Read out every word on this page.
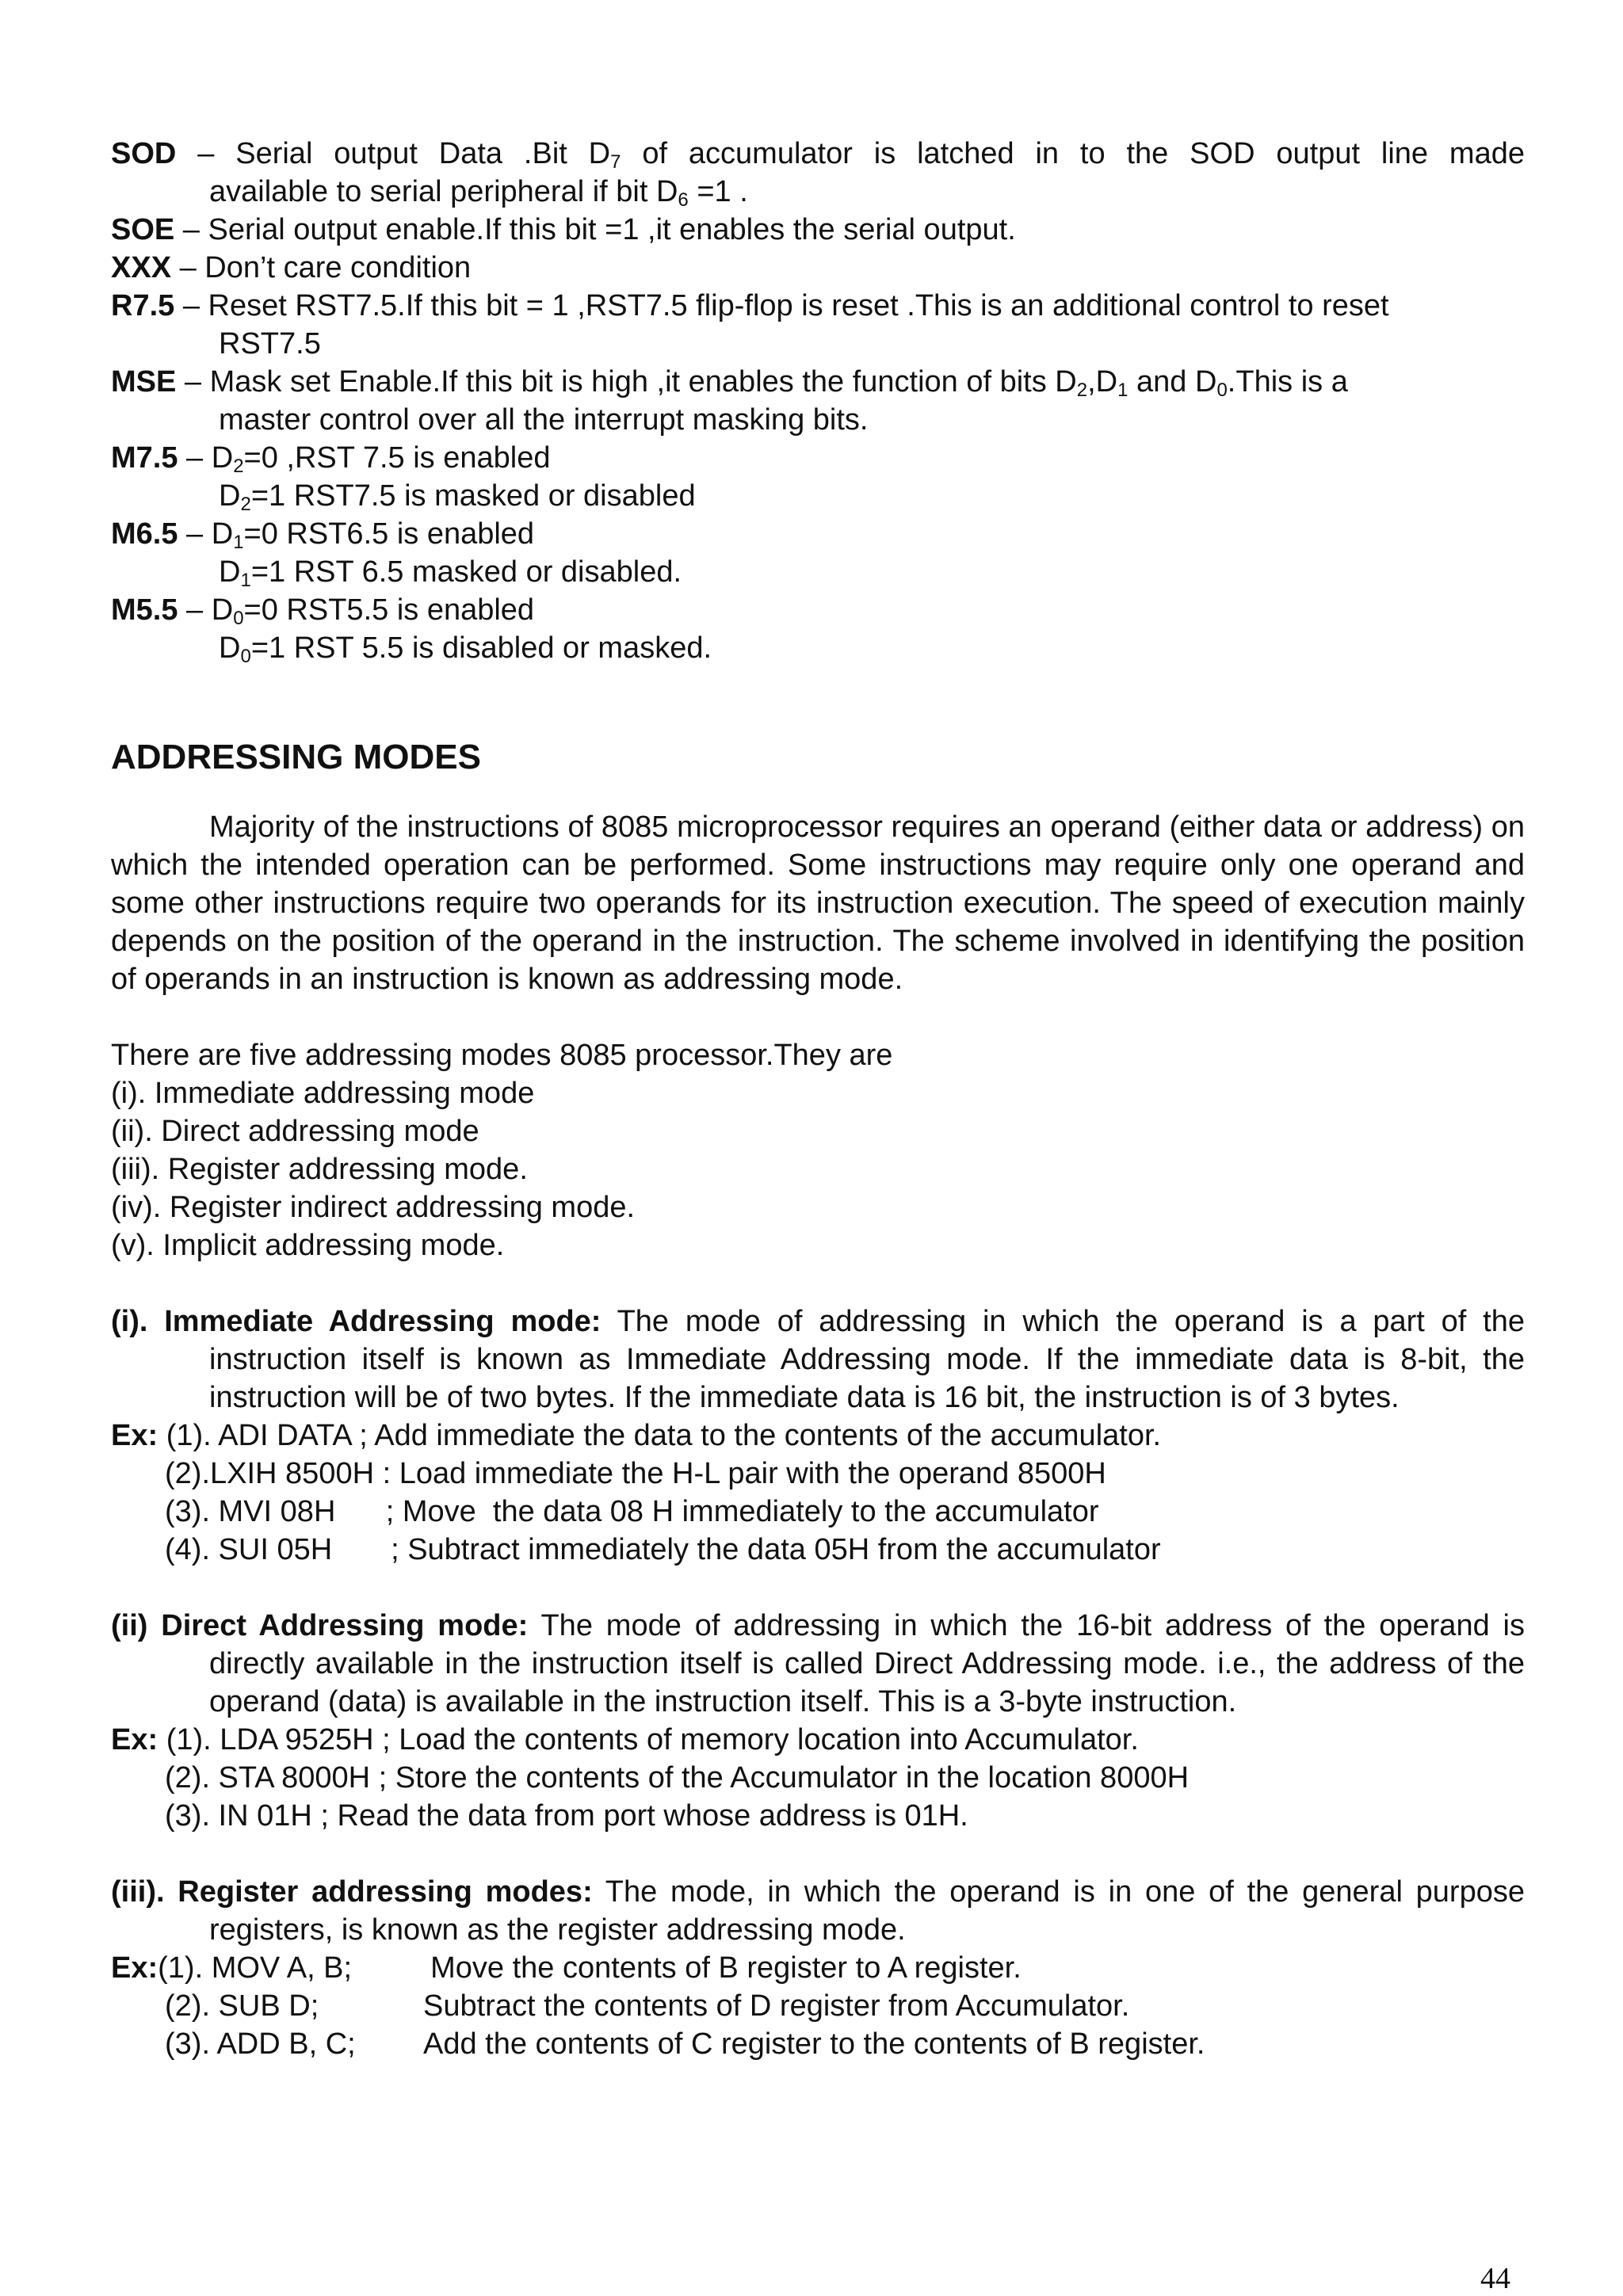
SOD – Serial output Data .Bit $D_7$ of accumulator is latched in to the SOD output line made
available to serial peripheral if bit $D_6 =1$ .
SOE – Serial output enable.If this bit =1 ,it enables the serial output.
XXX – Don’t care condition
R7.5 – Reset RST7.5.If this bit = 1 ,RST7.5 flip-flop is reset .This is an additional control to reset
RST7.5
MSE – Mask set Enable.If this bit is high ,it enables the function of bits $D_2,D_1$ and $D_0.This$ is a
master control over all the interrupt masking bits.
$M7.5 - D_2=0$ ,RST 7.5 is enabled
$D_2=1$ RST7.5 is masked or disabled
$M6.5 - D_1=0$ RST6.5 is enabled
$D_1=1$ RST 6.5 masked or disabled.
$M5.5 - D_0=0$ RST5.5 is enabled
$D_0=1$ RST 5.5 is disabled or masked.
ADDRESSING MODES
Majority of the instructions of 8085 microprocessor requires an operand (either data or address) on which the intended operation can be performed. Some instructions may require only one operand and some other instructions require two operands for its instruction execution. The speed of execution mainly depends on the position of the operand in the instruction. The scheme involved in identifying the position of operands in an instruction is known as addressing mode.
There are five addressing modes 8085 processor.They are
(i). Immediate addressing mode
(ii). Direct addressing mode
(iii). Register addressing mode.
(iv). Register indirect addressing mode.
(v). Implicit addressing mode.
(i). Immediate Addressing mode: The mode of addressing in which the operand is a part of the instruction itself is known as Immediate Addressing mode. If the immediate data is 8-bit, the instruction will be of two bytes. If the immediate data is 16 bit, the instruction is of 3 bytes.
Ex: (1). ADI DATA ; Add immediate the data to the contents of the accumulator.
(2).LXIH 8500H : Load immediate the H-L pair with the operand 8500H
(3). MVI 08H      ; Move  the data 08 H immediately to the accumulator
(4). SUI 05H       ; Subtract immediately the data 05H from the accumulator
(ii) Direct Addressing mode: The mode of addressing in which the 16-bit address of the operand is directly available in the instruction itself is called Direct Addressing mode. i.e., the address of the operand (data) is available in the instruction itself. This is a 3-byte instruction.
Ex: (1). LDA 9525H ; Load the contents of memory location into Accumulator.
(2). STA 8000H ; Store the contents of the Accumulator in the location 8000H
(3). IN 01H ; Read the data from port whose address is 01H.
(iii). Register addressing modes: The mode, in which the operand is in one of the general purpose registers, is known as the register addressing mode.
Ex:(1). MOV A, B;	Move the contents of B register to A register.
(2). SUB D;	Subtract the contents of D register from Accumulator.
(3). ADD B, C; Add the contents of C register to the contents of B register.
44
